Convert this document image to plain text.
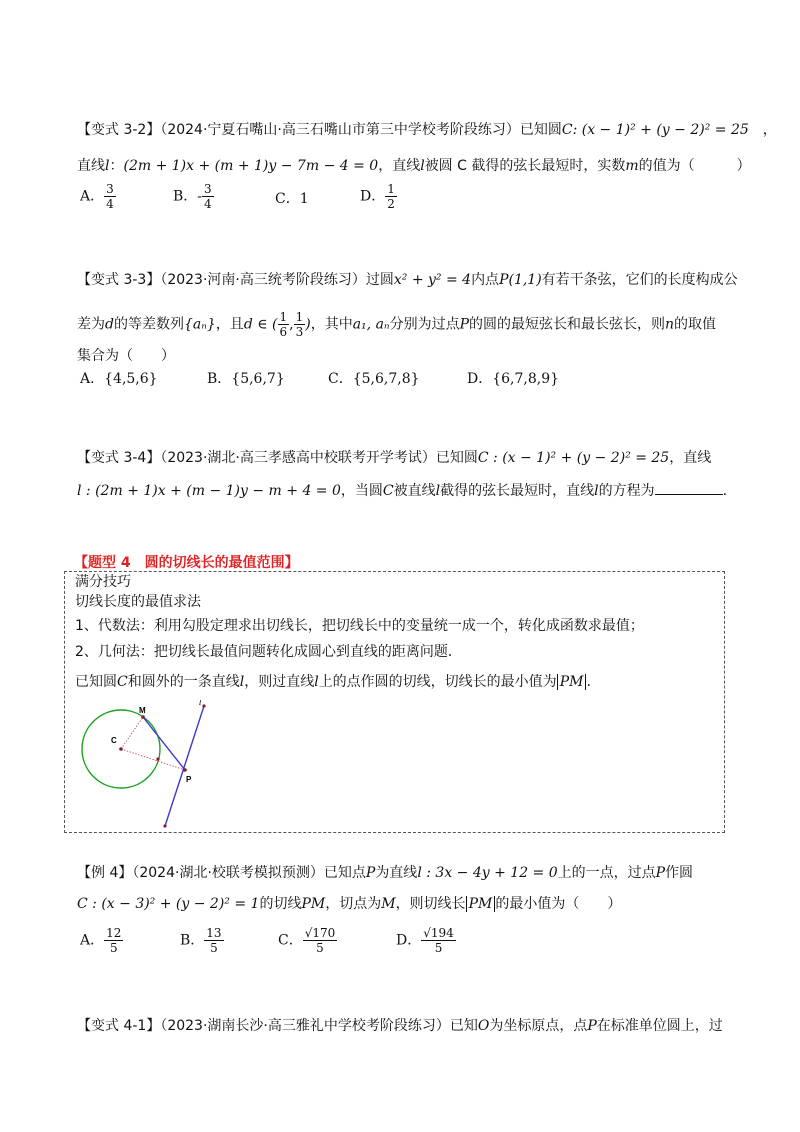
【变式 3-2】（2024·宁夏石嘴山·高三石嘴山市第三中学校考阶段练习）已知圆C: (x − 1)² + (y − 2)² = 25　，
直线l：(2m + 1)x + (m + 1)y − 7m − 4 = 0，直线l被圆 C 截得的弦长最短时，实数m的值为（　　　）
A． $\frac{3}{4}$	B．- $\frac{3}{4}$	C．1	D． $\frac{1}{2}$
【变式 3-3】（2023·河南·高三统考阶段练习）过圆x² + y² = 4内点P(1,1)有若干条弦，它们的长度构成公
差为d的等差数列{aₙ}，且d ∈ ( $\frac{1}{6}$ , $\frac{1}{3}$ )，其中a₁, aₙ分别为过点P的圆的最短弦长和最长弦长，则n的取值
集合为（　　）
A．{4,5,6}	B．{5,6,7}	C．{5,6,7,8}	D．{6,7,8,9}
【变式 3-4】（2023·湖北·高三孝感高中校联考开学考试）已知圆C : (x − 1)² + (y − 2)² = 25，直线
l : (2m + 1)x + (m − 1)y − m + 4 = 0，当圆C被直线l截得的弦长最短时，直线l的方程为	.
【题型 4　圆的切线长的最值范围】
满分技巧
切线长度的最值求法
1、代数法：利用勾股定理求出切线长，把切线长中的变量统一成一个，转化成函数求最值；
2、几何法：把切线长最值问题转化成圆心到直线的距离问题．
已知圆C和圆外的一条直线l，则过直线l上的点作圆的切线，切线长的最小值为 PM .
M
C
P
l
【例 4】（2024·湖北·校联考模拟预测）已知点P为直线l : 3x − 4y + 12 = 0上的一点，过点P作圆
C : (x − 3)² + (y − 2)² = 1的切线PM，切点为M，则切线长 PM 的最小值为（　　）
A． $\frac{12}{5}$	B． $\frac{13}{5}$	C． $\frac{√170}{5}$	D． $\frac{√194}{5}$
【变式 4-1】（2023·湖南长沙·高三雅礼中学校考阶段练习）已知O为坐标原点，点P在标准单位圆上，过
